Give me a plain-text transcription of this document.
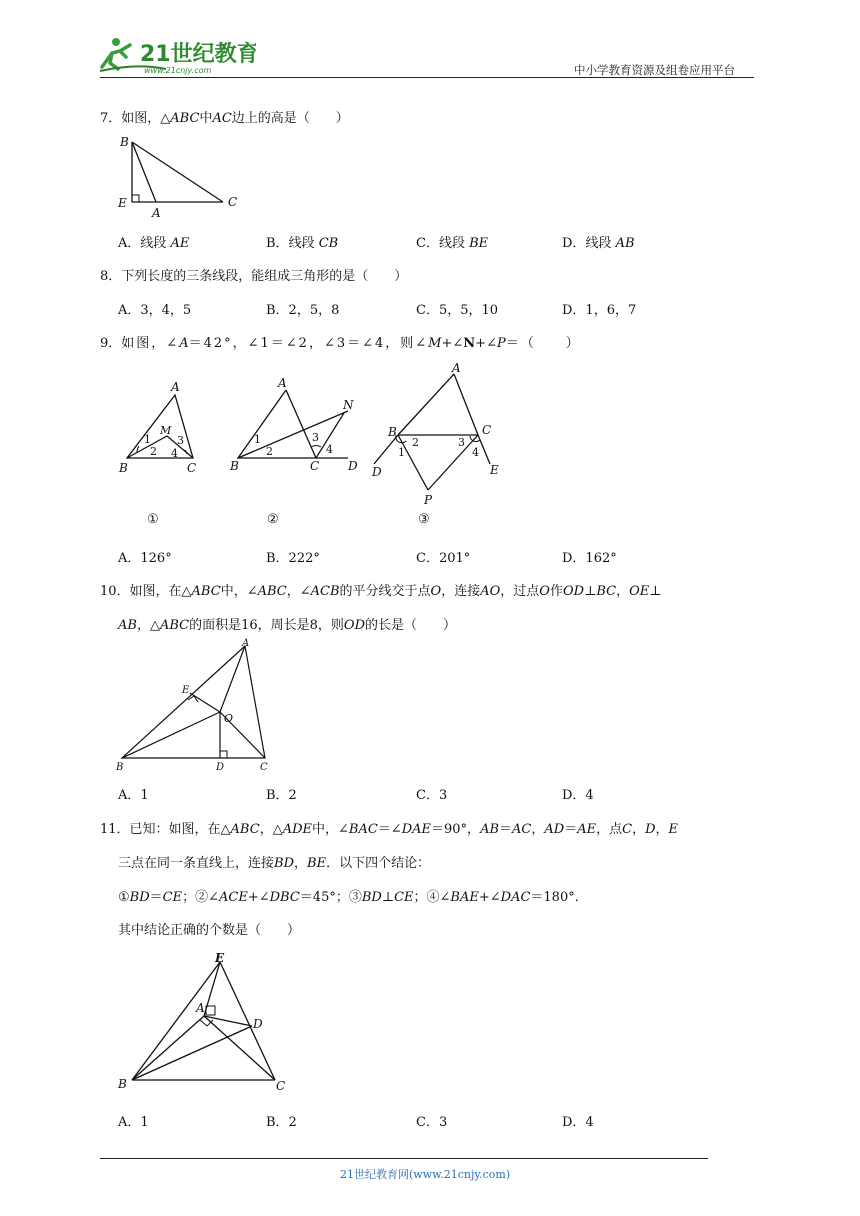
21世纪教育
www.21cnjy.com	中小学教育资源及组卷应用平台
7．如图，△ABC中AC边上的高是（　　）
B
E
A
C
A．线段 AE	B．线段 CB	C．线段 BE	D．线段 AB
8．下列长度的三条线段，能组成三角形的是（　　）
A．3，4，5	B．2，5，8	C．5，5，10	D．1，6，7
9．如图，∠A＝42°，∠1＝∠2，∠3＝∠4，则∠M+∠N+∠P＝（　　）
A
M
1
2
3
4
B	C
①
A
N
1
2
3
4
B	C D
②
A
B	C
2
1
3
4
D	E
P
③
A．126°	B．222°	C．201°	D．162°
10．如图，在△ABC中，∠ABC，∠ACB的平分线交于点O，连接AO，过点O作OD⊥BC，OE⊥
AB，△ABC的面积是16，周长是8，则OD的长是（　　）
A
E
O
B	D	C
A．1	B．2	C．3	D．4
11．已知：如图，在△ABC，△ADE中，∠BAC＝∠DAE＝90°，AB＝AC，AD＝AE，点C，D，E
三点在同一条直线上，连接BD，BE．以下四个结论：
①BD＝CE；②∠ACE+∠DBC＝45°；③BD⊥CE；④∠BAE+∠DAC＝180°．
其中结论正确的个数是（　　）
E
A
D
B	C
A．1	B．2	C．3	D．4
21世纪教育网(www.21cnjy.com)
